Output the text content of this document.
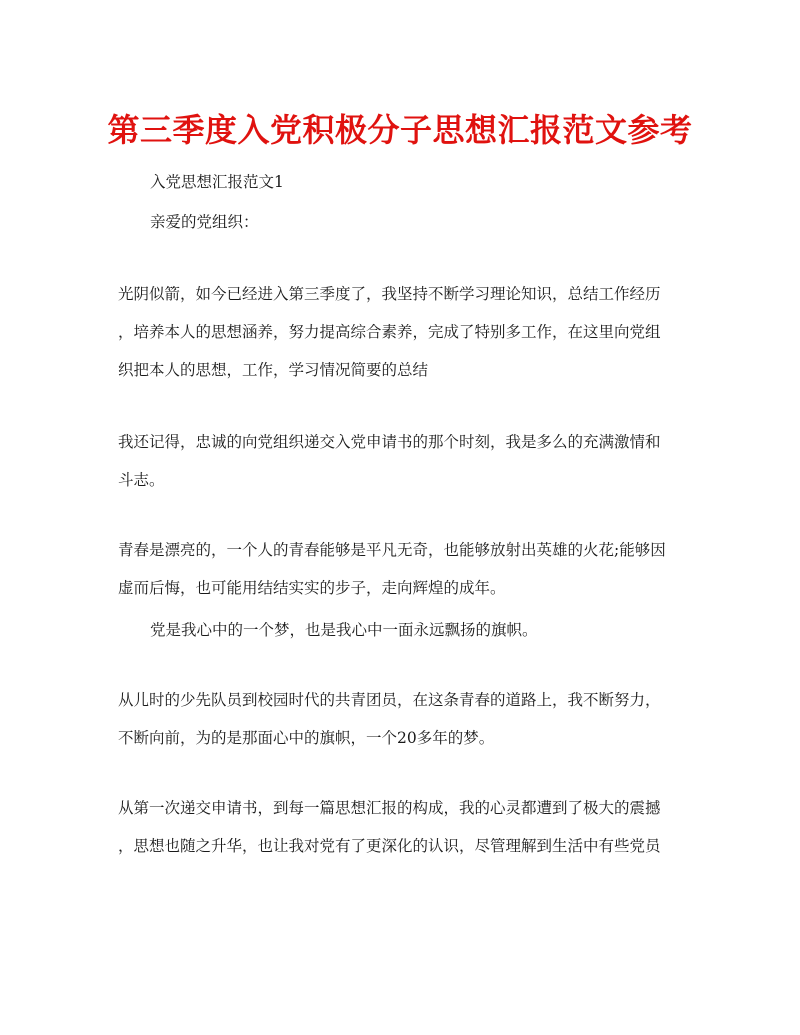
第三季度入党积极分子思想汇报范文参考
入党思想汇报范文1
亲爱的党组织：
光阴似箭，如今已经进入第三季度了，我坚持不断学习理论知识，总结工作经历
，培养本人的思想涵养，努力提高综合素养，完成了特别多工作，在这里向党组
织把本人的思想，工作，学习情况简要的总结
我还记得，忠诚的向党组织递交入党申请书的那个时刻，我是多么的充满激情和
斗志。
青春是漂亮的，一个人的青春能够是平凡无奇，也能够放射出英雄的火花;能够因
虚而后悔，也可能用结结实实的步子，走向辉煌的成年。
党是我心中的一个梦，也是我心中一面永远飘扬的旗帜。
从儿时的少先队员到校园时代的共青团员，在这条青春的道路上，我不断努力，
不断向前，为的是那面心中的旗帜，一个20多年的梦。
从第一次递交申请书，到每一篇思想汇报的构成，我的心灵都遭到了极大的震撼
，思想也随之升华，也让我对党有了更深化的认识，尽管理解到生活中有些党员
